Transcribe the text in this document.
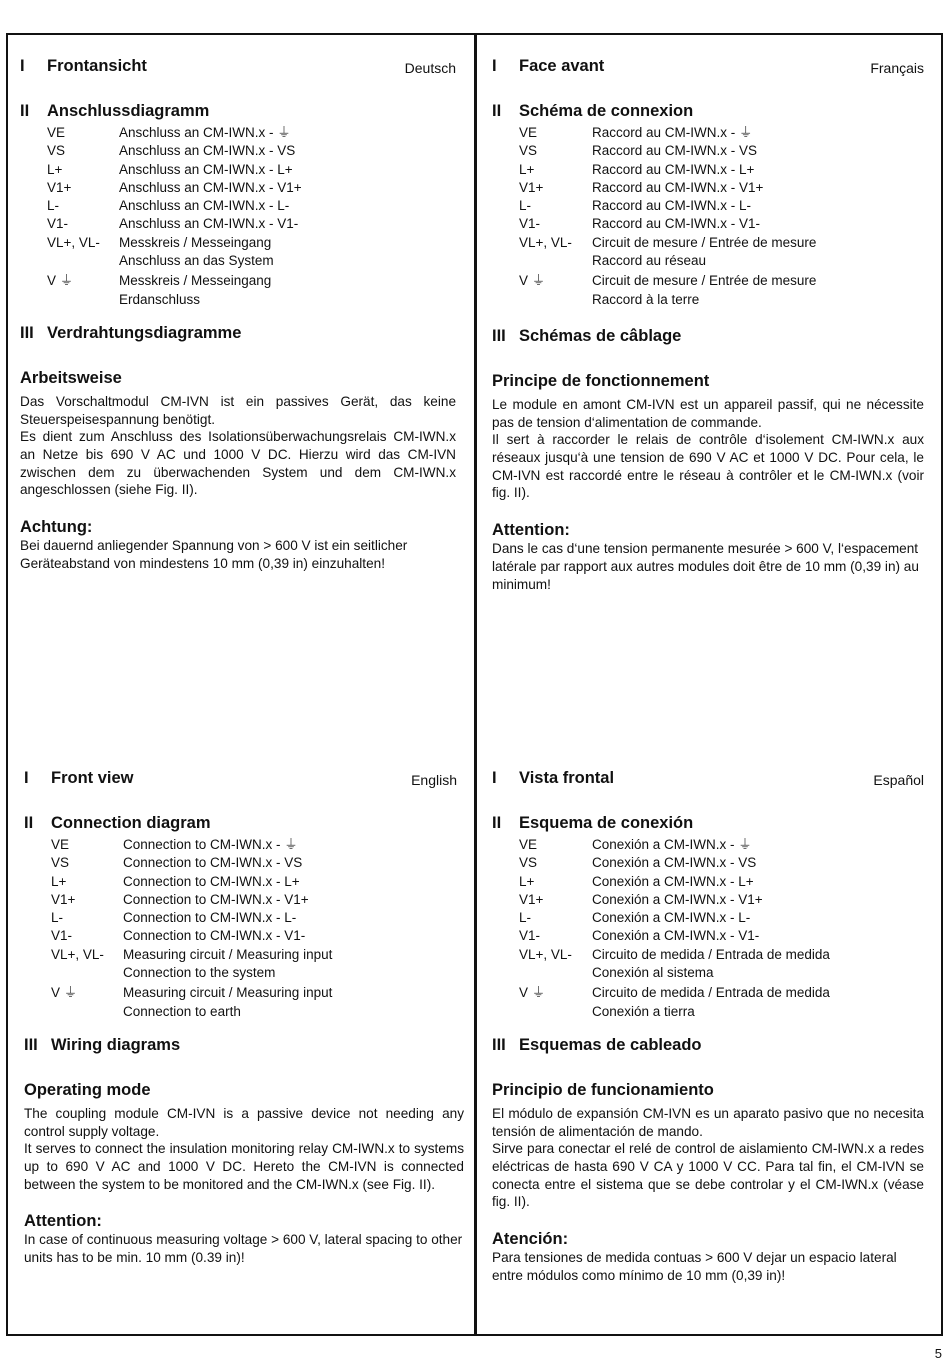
I Frontansicht	Deutsch
II Anschlussdiagramm
VE	Anschluss an CM-IWN.x - ⏚
VS	Anschluss an CM-IWN.x - VS
L+	Anschluss an CM-IWN.x - L+
V1+	Anschluss an CM-IWN.x - V1+
L-	Anschluss an CM-IWN.x - L-
V1-	Anschluss an CM-IWN.x - V1-
VL+, VL-	Messkreis / Messeingang
Anschluss an das System
V ⏚	Messkreis / Messeingang
Erdanschluss
III Verdrahtungsdiagramme
Arbeitsweise

Das Vorschaltmodul CM-IVN ist ein passives Gerät, das keine Steuerspeisespannung benötigt.

Es dient zum Anschluss des Isolationsüberwachungsrelais CM-IWN.x an Netze bis 690 V AC und 1000 V DC. Hierzu wird das CM-IVN zwischen dem zu überwachenden System und dem CM-IWN.x angeschlossen (siehe Fig. II).

Achtung:

Bei dauernd anliegender Spannung von > 600 V ist ein seitlicher Geräteabstand von mindestens 10 mm (0,39 in) einzuhalten!

I Face avant	Français
II Schéma de connexion
VE	Raccord au CM-IWN.x - ⏚
VS	Raccord au CM-IWN.x - VS
L+	Raccord au CM-IWN.x - L+
V1+	Raccord au CM-IWN.x - V1+
L-	Raccord au CM-IWN.x - L-
V1-	Raccord au CM-IWN.x - V1-
VL+, VL-	Circuit de mesure / Entrée de mesure
Raccord au réseau
V ⏚	Circuit de mesure / Entrée de mesure
Raccord à la terre
III Schémas de câblage
Principe de fonctionnement

Le module en amont CM-IVN est un appareil passif, qui ne nécessite pas de tension d‘alimentation de commande.

Il sert à raccorder le relais de contrôle d‘isolement CM-IWN.x aux réseaux jusqu‘à une tension de 690 V AC et 1000 V DC. Pour cela, le CM-IVN est raccordé entre le réseau à contrôler et le CM-IWN.x (voir fig. II).

Attention:

Dans le cas d‘une tension permanente mesurée > 600 V, l‘espacement latérale par rapport aux autres modules doit être de 10 mm (0,39 in) au minimum!

I Front view	English
II Connection diagram
VE	Connection to CM-IWN.x - ⏚
VS	Connection to CM-IWN.x - VS
L+	Connection to CM-IWN.x - L+
V1+	Connection to CM-IWN.x - V1+
L-	Connection to CM-IWN.x - L-
V1-	Connection to CM-IWN.x - V1-
VL+, VL-	Measuring circuit / Measuring input
Connection to the system
V ⏚	Measuring circuit / Measuring input
Connection to earth
III Wiring diagrams
Operating mode

The coupling module CM-IVN is a passive device not needing any control supply voltage.

It serves to connect the insulation monitoring relay CM-IWN.x to systems up to 690 V AC and 1000 V DC. Hereto the CM-IVN is connected between the system to be monitored and the CM-IWN.x (see Fig. II).

Attention:

In case of continuous measuring voltage > 600 V, lateral spacing to other units has to be min. 10 mm (0.39 in)!

I Vista frontal	Español
II Esquema de conexión
VE	Conexión a CM-IWN.x - ⏚
VS	Conexión a CM-IWN.x - VS
L+	Conexión a CM-IWN.x - L+
V1+	Conexión a CM-IWN.x - V1+
L-	Conexión a CM-IWN.x - L-
V1-	Conexión a CM-IWN.x - V1-
VL+, VL-	Circuito de medida / Entrada de medida
Conexión al sistema
V ⏚	Circuito de medida / Entrada de medida
Conexión a tierra
III Esquemas de cableado
Principio de funcionamiento

El módulo de expansión CM-IVN es un aparato pasivo que no necesita tensión de alimentación de mando.

Sirve para conectar el relé de control de aislamiento CM-IWN.x a redes eléctricas de hasta 690 V CA y 1000 V CC. Para tal fin, el CM-IVN se conecta entre el sistema que se debe controlar y el CM-IWN.x (véase fig. II).

Atención:

Para tensiones de medida contuas > 600 V dejar un espacio lateral entre módulos como mínimo de 10 mm (0,39 in)!

5
